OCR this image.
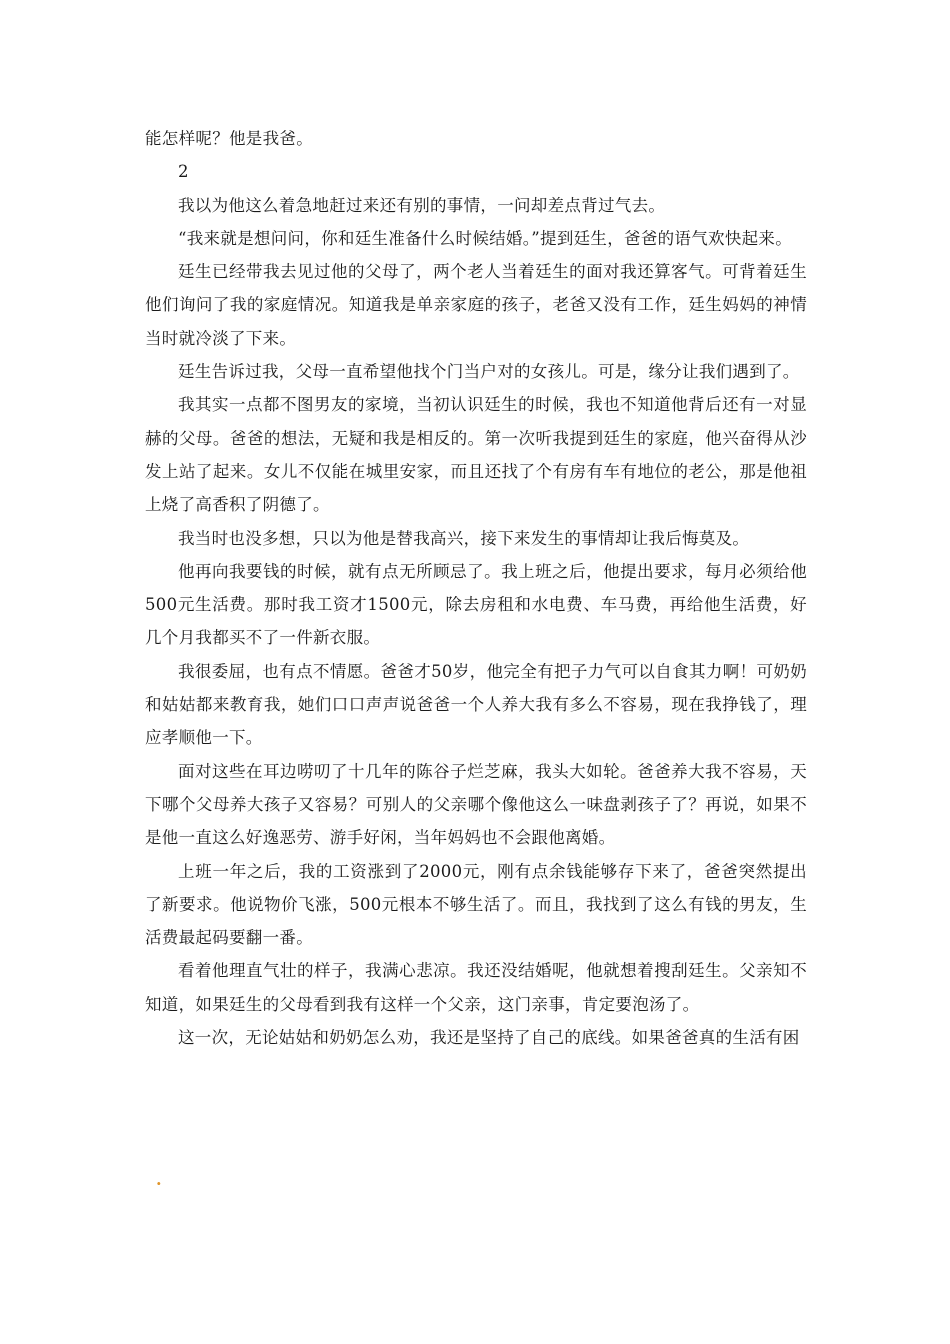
能怎样呢？他是我爸。

2

我以为他这么着急地赶过来还有别的事情，一问却差点背过气去。

“我来就是想问问，你和廷生准备什么时候结婚。”提到廷生，爸爸的语气欢快起来。

廷生已经带我去见过他的父母了，两个老人当着廷生的面对我还算客气。可背着廷生他们询问了我的家庭情况。知道我是单亲家庭的孩子，老爸又没有工作，廷生妈妈的神情当时就冷淡了下来。

廷生告诉过我，父母一直希望他找个门当户对的女孩儿。可是，缘分让我们遇到了。

我其实一点都不图男友的家境，当初认识廷生的时候，我也不知道他背后还有一对显赫的父母。爸爸的想法，无疑和我是相反的。第一次听我提到廷生的家庭，他兴奋得从沙发上站了起来。女儿不仅能在城里安家，而且还找了个有房有车有地位的老公，那是他祖上烧了高香积了阴德了。

我当时也没多想，只以为他是替我高兴，接下来发生的事情却让我后悔莫及。

他再向我要钱的时候，就有点无所顾忌了。我上班之后，他提出要求，每月必须给他500元生活费。那时我工资才1500元，除去房租和水电费、车马费，再给他生活费，好几个月我都买不了一件新衣服。

我很委屈，也有点不情愿。爸爸才50岁，他完全有把子力气可以自食其力啊！可奶奶和姑姑都来教育我，她们口口声声说爸爸一个人养大我有多么不容易，现在我挣钱了，理应孝顺他一下。

面对这些在耳边唠叨了十几年的陈谷子烂芝麻，我头大如轮。爸爸养大我不容易，天下哪个父母养大孩子又容易？可别人的父亲哪个像他这么一味盘剥孩子了？再说，如果不是他一直这么好逸恶劳、游手好闲，当年妈妈也不会跟他离婚。

上班一年之后，我的工资涨到了2000元，刚有点余钱能够存下来了，爸爸突然提出了新要求。他说物价飞涨，500元根本不够生活了。而且，我找到了这么有钱的男友，生活费最起码要翻一番。

看着他理直气壮的样子，我满心悲凉。我还没结婚呢，他就想着搜刮廷生。父亲知不知道，如果廷生的父母看到我有这样一个父亲，这门亲事，肯定要泡汤了。

这一次，无论姑姑和奶奶怎么劝，我还是坚持了自己的底线。如果爸爸真的生活有困

.
